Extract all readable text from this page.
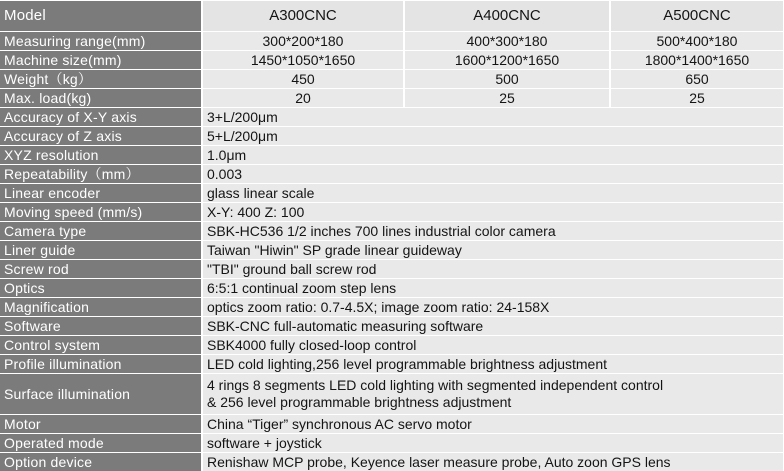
Model	A300CNC	A400CNC	A500CNC
Measuring range(mm)	300*200*180	400*300*180	500*400*180
Machine size(mm)	1450*1050*1650	1600*1200*1650	1800*1400*1650
Weight（kg）	450	500	650
Max. load(kg)	20	25	25
Accuracy of X-Y axis	3+L/200μm		
Accuracy of Z axis	5+L/200μm		
XYZ resolution	1.0μm		
Repeatability（mm）	0.003		
Linear encoder	glass linear scale		
Moving speed (mm/s)	X-Y: 400 Z: 100		
Camera type	SBK-HC536 1/2 inches 700 lines industrial color camera		
Liner guide	Taiwan "Hiwin" SP grade linear guideway		
Screw rod	"TBI" ground ball screw rod		
Optics	6:5:1 continual zoom step lens		
Magnification	optics zoom ratio: 0.7-4.5X; image zoom ratio: 24-158X		
Software	SBK-CNC full-automatic measuring software		
Control system	SBK4000 fully closed-loop control		
Profile illumination	LED cold lighting,256 level programmable brightness adjustment		
Surface illumination	4 rings 8 segments LED cold lighting with segmented independent control
& 256 level programmable brightness adjustment		

Motor	China “Tiger” synchronous AC servo motor		
Operated mode	software + joystick		
Option device	Renishaw MCP probe, Keyence laser measure probe, Auto zoon GPS lens		
